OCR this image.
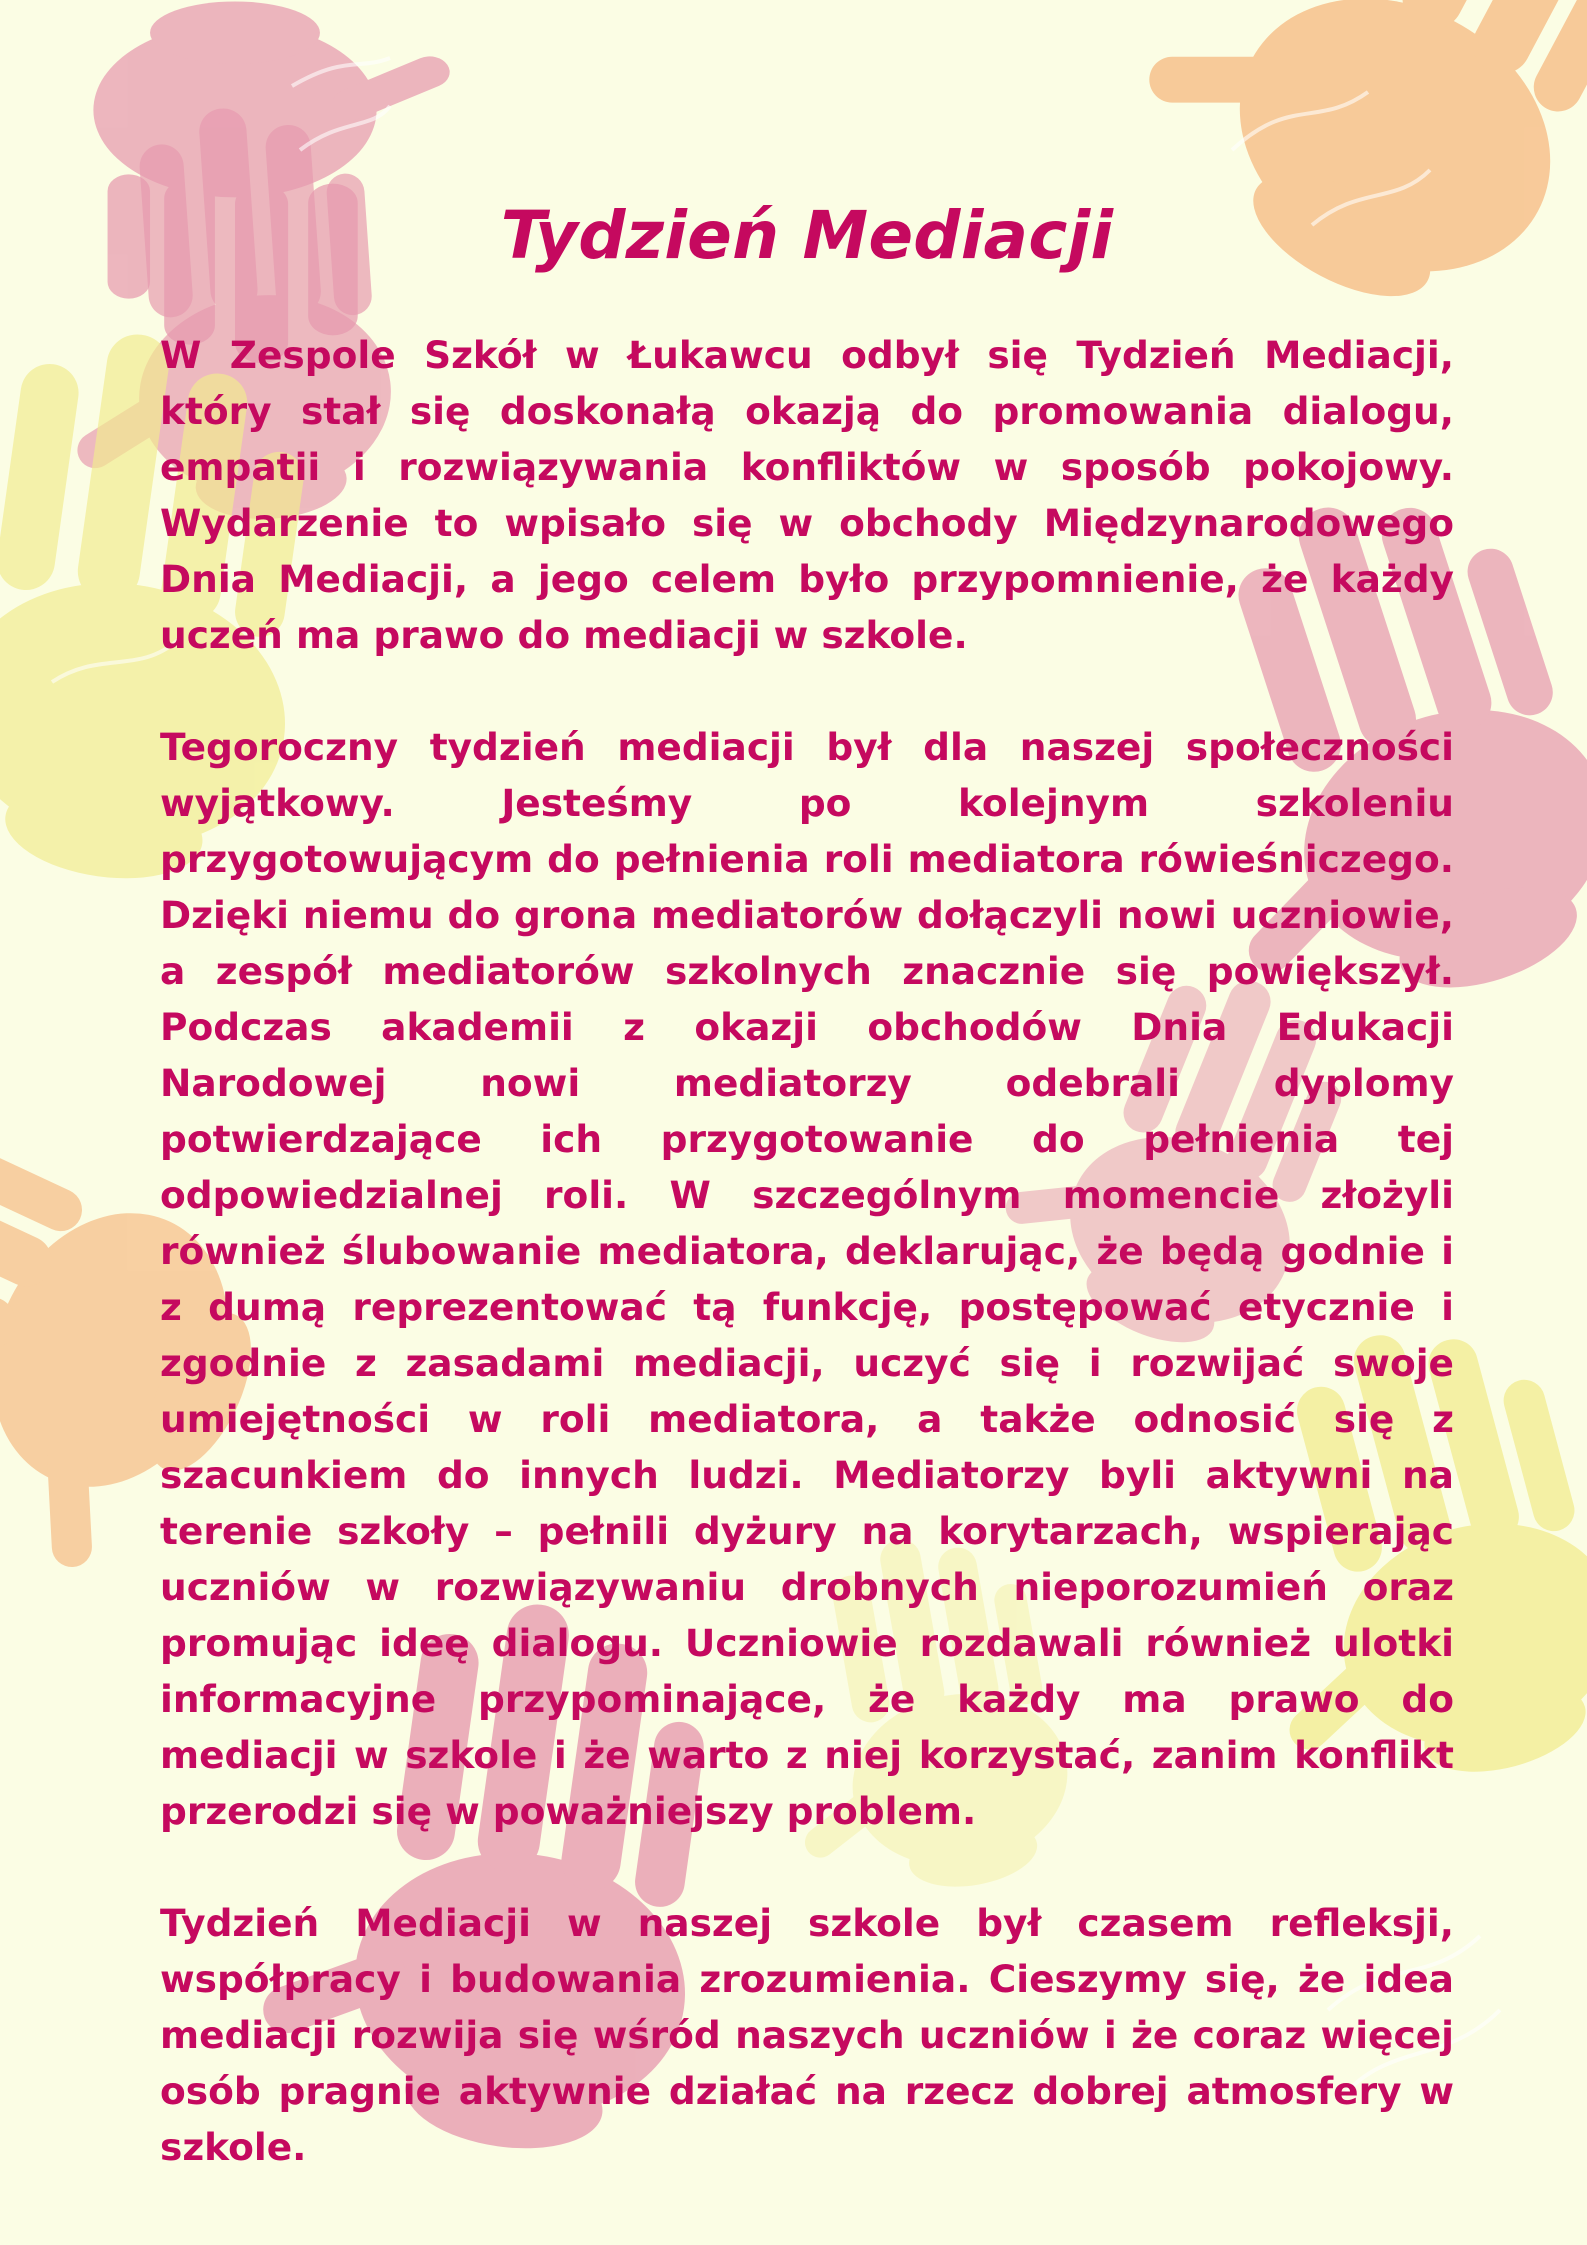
Tydzień Mediacji

W Zespole Szkół w Łukawcu odbył się Tydzień Mediacji, który stał się doskonałą okazją do promowania dialogu, empatii i rozwiązywania konfliktów w sposób pokojowy. Wydarzenie to wpisało się w obchody Międzynarodowego Dnia Mediacji, a jego celem było przypomnienie, że każdy uczeń ma prawo do mediacji w szkole.

Tegoroczny tydzień mediacji był dla naszej społeczności wyjątkowy. Jesteśmy po kolejnym szkoleniu przygotowującym do pełnienia roli mediatora rówieśniczego. Dzięki niemu do grona mediatorów dołączyli nowi uczniowie, a zespół mediatorów szkolnych znacznie się powiększył. Podczas akademii z okazji obchodów Dnia Edukacji Narodowej nowi mediatorzy odebrali dyplomy potwierdzające ich przygotowanie do pełnienia tej odpowiedzialnej roli. W szczególnym momencie złożyli również ślubowanie mediatora, deklarując, że będą godnie i z dumą reprezentować tą funkcję, postępować etycznie i zgodnie z zasadami mediacji, uczyć się i rozwijać swoje umiejętności w roli mediatora, a także odnosić się z szacunkiem do innych ludzi. Mediatorzy byli aktywni na terenie szkoły – pełnili dyżury na korytarzach, wspierając uczniów w rozwiązywaniu drobnych nieporozumień oraz promując ideę dialogu. Uczniowie rozdawali również ulotki informacyjne przypominające, że każdy ma prawo do mediacji w szkole i że warto z niej korzystać, zanim konflikt przerodzi się w poważniejszy problem.

Tydzień Mediacji w naszej szkole był czasem refleksji, współpracy i budowania zrozumienia. Cieszymy się, że idea mediacji rozwija się wśród naszych uczniów i że coraz więcej osób pragnie aktywnie działać na rzecz dobrej atmosfery w szkole.
